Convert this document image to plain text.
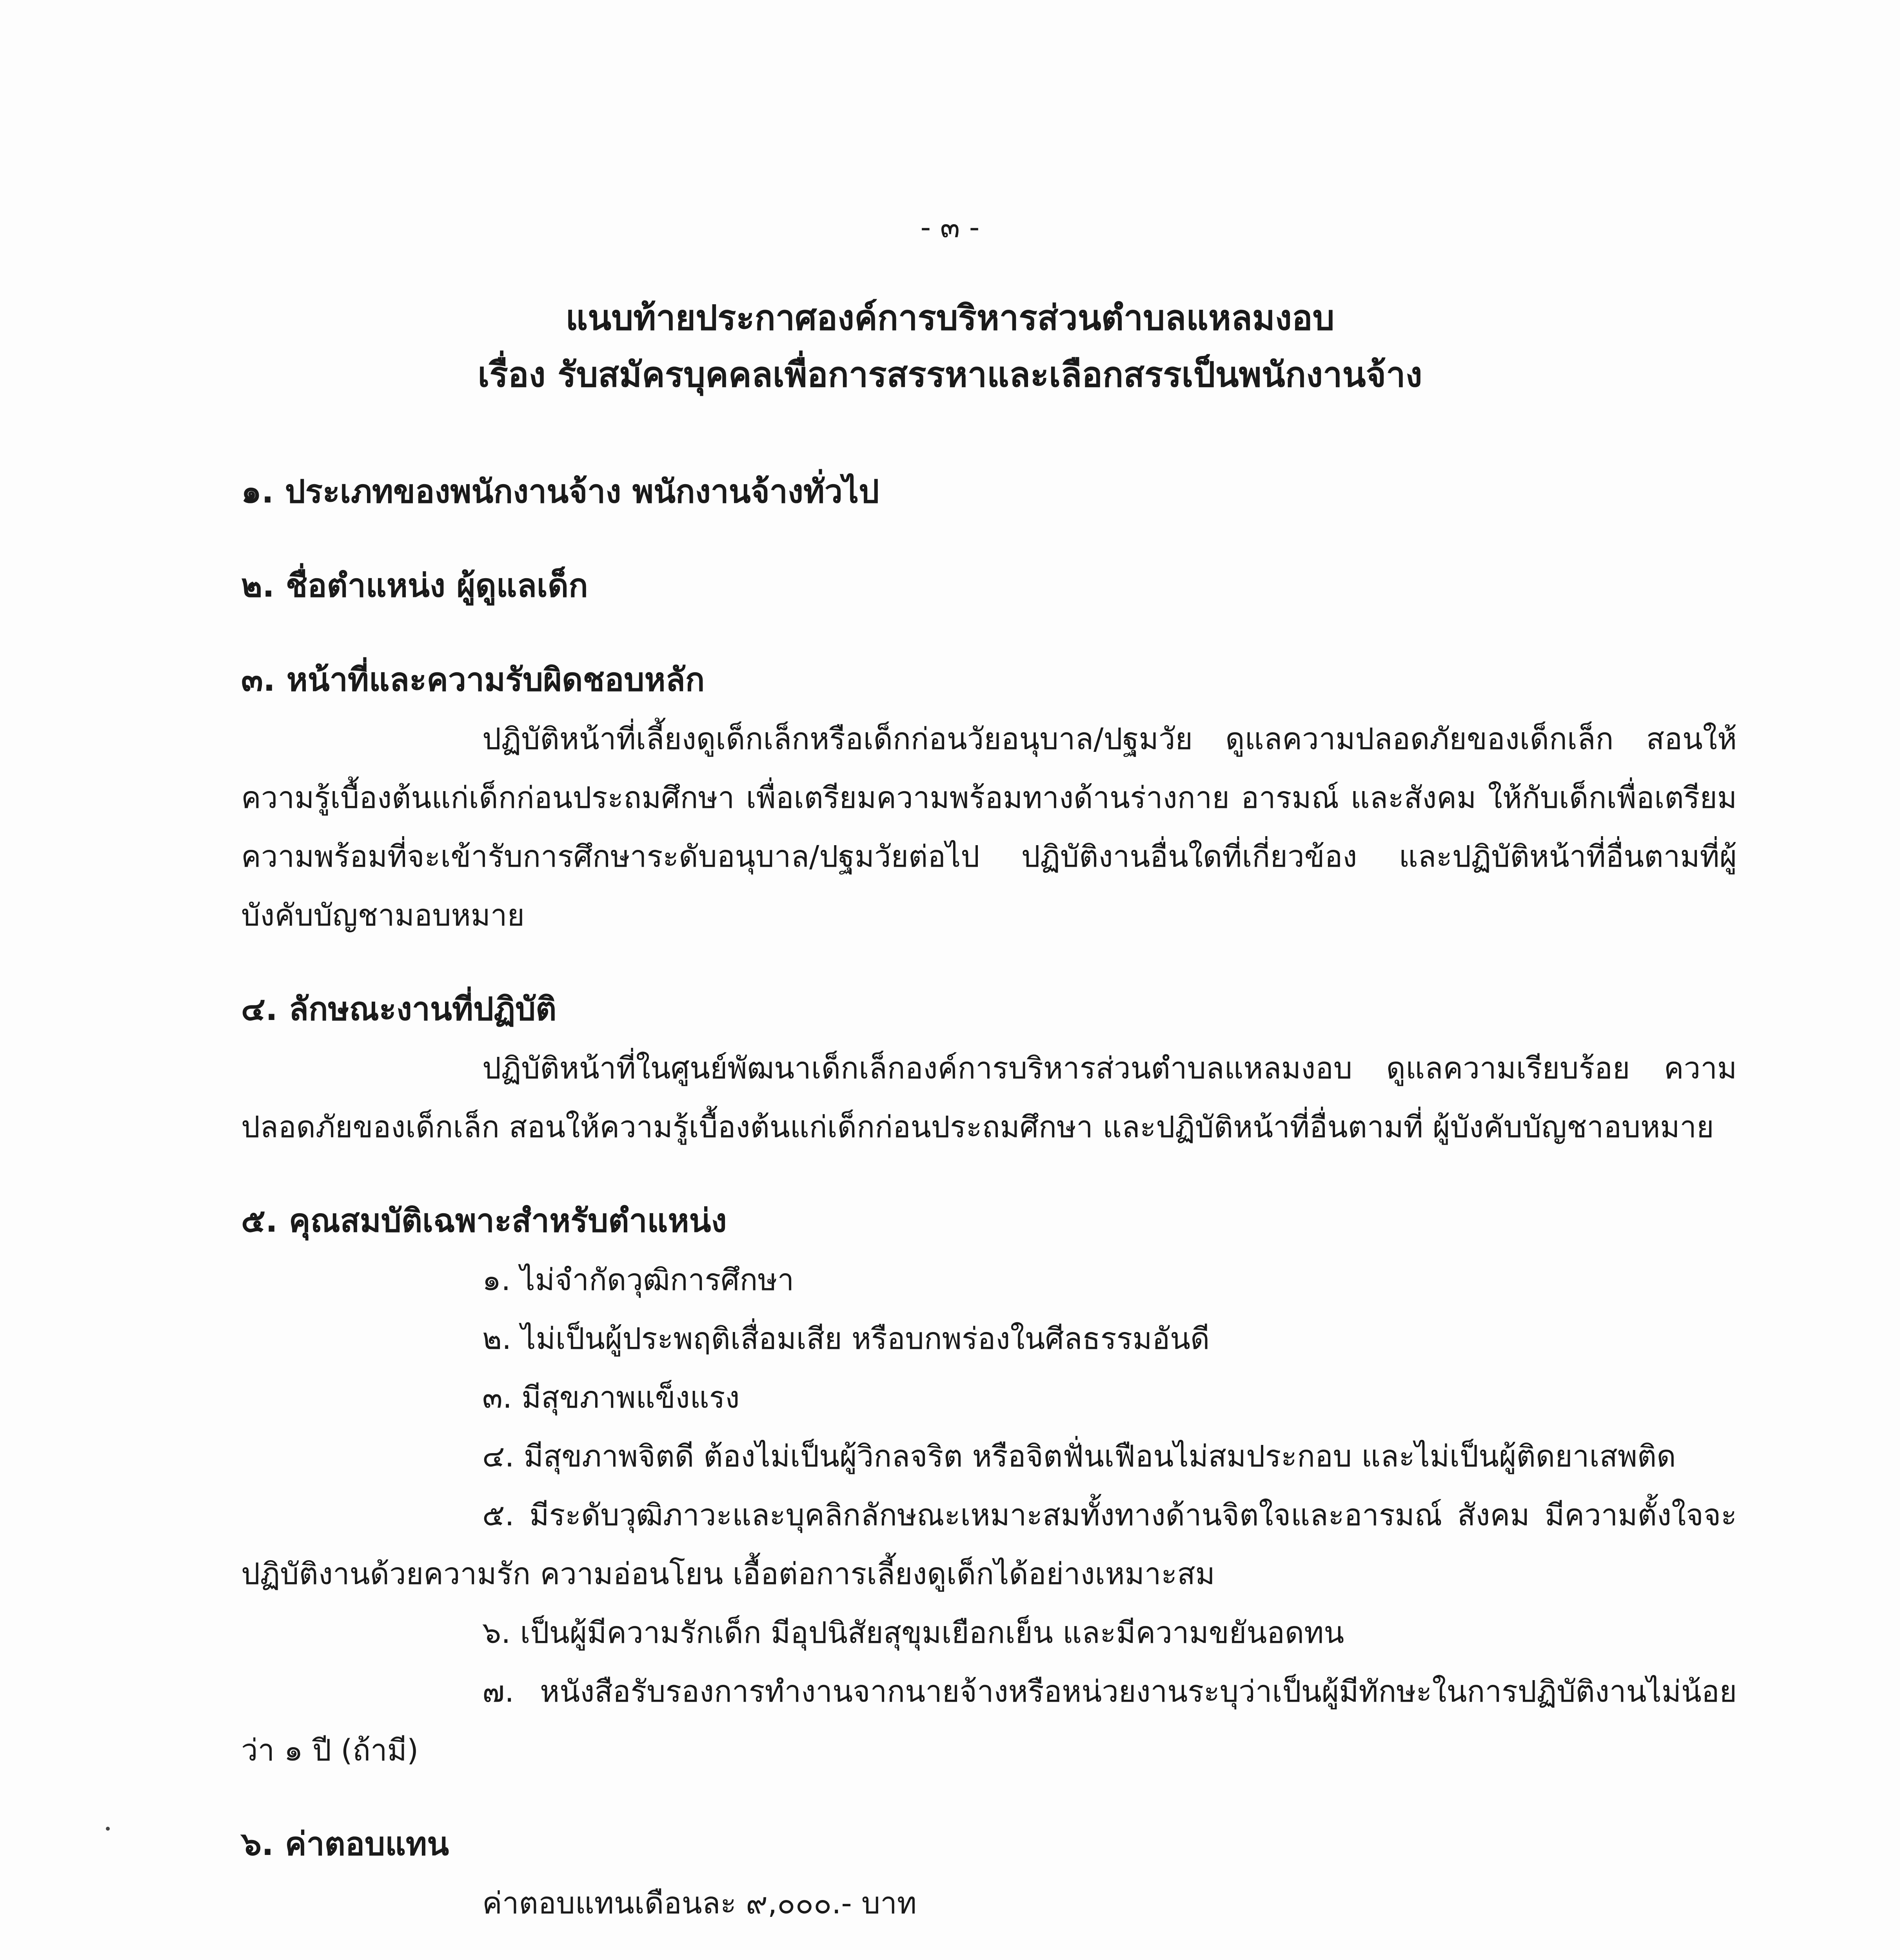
- ๓ -
แนบท้ายประกาศองค์การบริหารส่วนตำบลแหลมงอบ
เรื่อง รับสมัครบุคคลเพื่อการสรรหาและเลือกสรรเป็นพนักงานจ้าง

๑. ประเภทของพนักงานจ้าง พนักงานจ้างทั่วไป

๒. ชื่อตำแหน่ง ผู้ดูแลเด็ก

๓. หน้าที่และความรับผิดชอบหลัก

ปฏิบัติหน้าที่เลี้ยงดูเด็กเล็กหรือเด็กก่อนวัยอนุบาล/ปฐมวัย ดูแลความปลอดภัยของเด็กเล็ก สอนให้ความรู้เบื้องต้นแก่เด็กก่อนประถมศึกษา เพื่อเตรียมความพร้อมทางด้านร่างกาย อารมณ์ และสังคม ให้กับเด็กเพื่อเตรียมความพร้อมที่จะเข้ารับการศึกษาระดับอนุบาล/ปฐมวัยต่อไป ปฏิบัติงานอื่นใดที่เกี่ยวข้อง และปฏิบัติหน้าที่อื่นตามที่ผู้บังคับบัญชามอบหมาย

๔. ลักษณะงานที่ปฏิบัติ

ปฏิบัติหน้าที่ในศูนย์พัฒนาเด็กเล็กองค์การบริหารส่วนตำบลแหลมงอบ ดูแลความเรียบร้อย ความปลอดภัยของเด็กเล็ก สอนให้ความรู้เบื้องต้นแก่เด็กก่อนประถมศึกษา และปฏิบัติหน้าที่อื่นตามที่ ผู้บังคับบัญชาอบหมาย

๕. คุณสมบัติเฉพาะสำหรับตำแหน่ง

๑. ไม่จำกัดวุฒิการศึกษา
๒. ไม่เป็นผู้ประพฤติเสื่อมเสีย หรือบกพร่องในศีลธรรมอันดี
๓. มีสุขภาพแข็งแรง
๔. มีสุขภาพจิตดี ต้องไม่เป็นผู้วิกลจริต หรือจิตฟั่นเฟือนไม่สมประกอบ และไม่เป็นผู้ติดยาเสพติด
๕. มีระดับวุฒิภาวะและบุคลิกลักษณะเหมาะสมทั้งทางด้านจิตใจและอารมณ์ สังคม มีความตั้งใจจะปฏิบัติงานด้วยความรัก ความอ่อนโยน เอื้อต่อการเลี้ยงดูเด็กได้อย่างเหมาะสม
๖. เป็นผู้มีความรักเด็ก มีอุปนิสัยสุขุมเยือกเย็น และมีความขยันอดทน
๗. หนังสือรับรองการทำงานจากนายจ้างหรือหน่วยงานระบุว่าเป็นผู้มีทักษะในการปฏิบัติงานไม่น้อยว่า ๑ ปี (ถ้ามี)

๖. ค่าตอบแทน

ค่าตอบแทนเดือนละ ๙,๐๐๐.- บาท
